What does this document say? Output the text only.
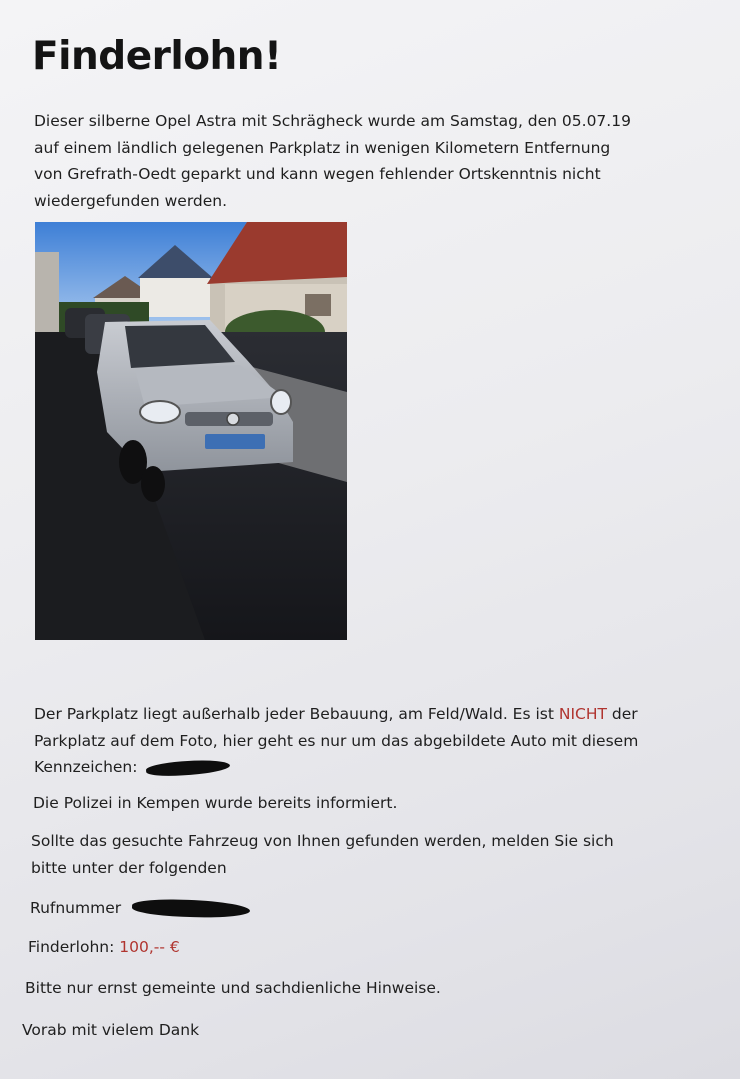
Finderlohn!

Dieser silberne Opel Astra mit Schrägheck wurde am Samstag, den 05.07.19
auf einem ländlich gelegenen Parkplatz in wenigen Kilometern Entfernung
von Grefrath-Oedt geparkt und kann wegen fehlender Ortskenntnis nicht
wiedergefunden werden.

Der Parkplatz liegt außerhalb jeder Bebauung, am Feld/Wald. Es ist NICHT der
Parkplatz auf dem Foto, hier geht es nur um das abgebildete Auto mit diesem
Kennzeichen:

Die Polizei in Kempen wurde bereits informiert.

Sollte das gesuchte Fahrzeug von Ihnen gefunden werden, melden Sie sich
bitte unter der folgenden

Rufnummer

Finderlohn: 100,-- €

Bitte nur ernst gemeinte und sachdienliche Hinweise.

Vorab mit vielem Dank
